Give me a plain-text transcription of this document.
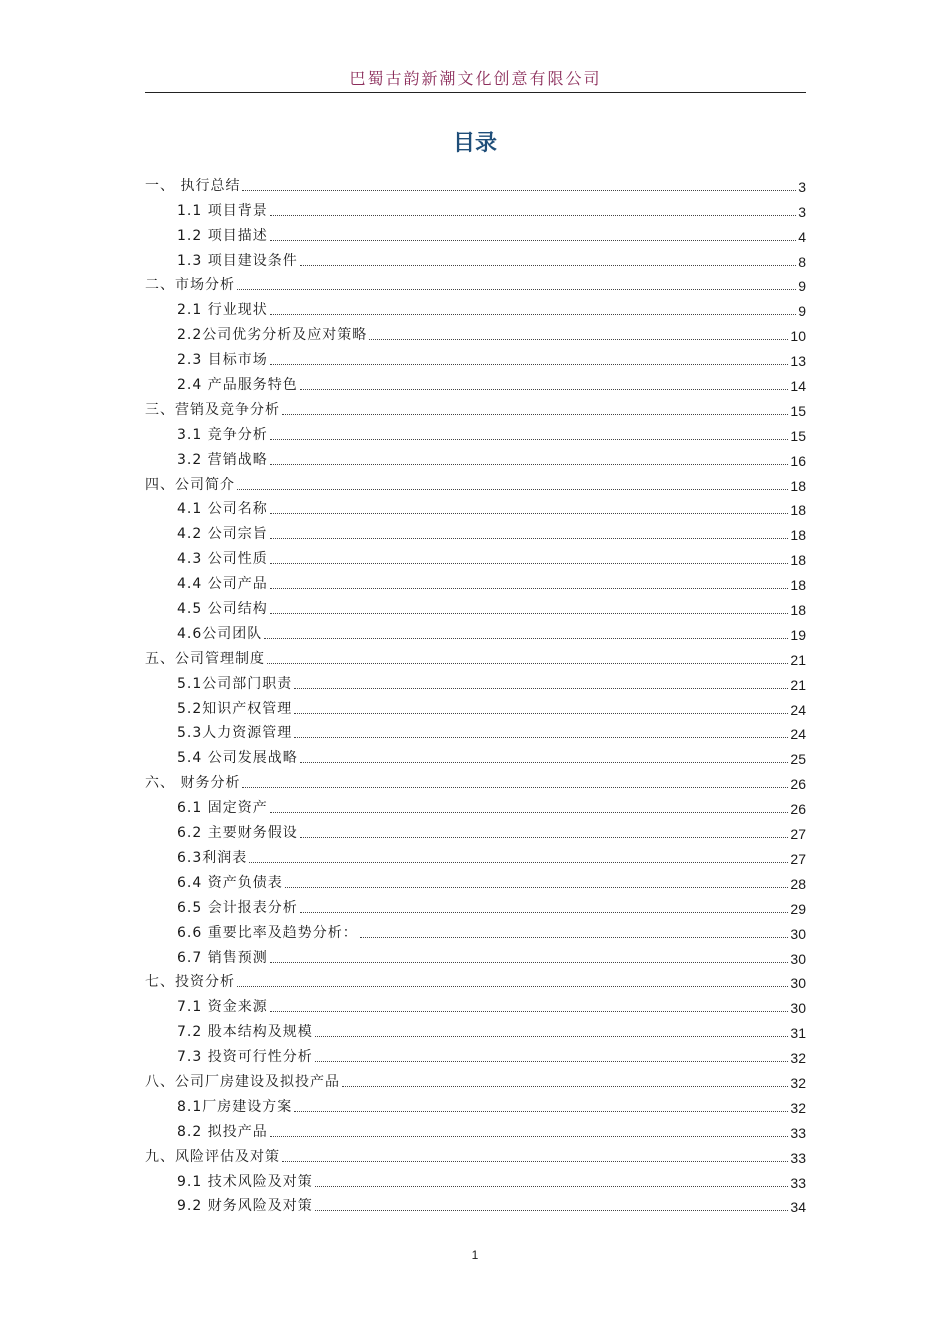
巴蜀古韵新潮文化创意有限公司
目录
一、 执行总结	3
1.1 项目背景	3
1.2 项目描述	4
1.3 项目建设条件	8
二、市场分析	9
2.1 行业现状	9
2.2公司优劣分析及应对策略	10
2.3 目标市场	13
2.4 产品服务特色	14
三、营销及竞争分析	15
3.1 竞争分析	15
3.2 营销战略	16
四、公司简介	18
4.1 公司名称	18
4.2 公司宗旨	18
4.3 公司性质	18
4.4 公司产品	18
4.5 公司结构	18
4.6公司团队	19
五、公司管理制度	21
5.1公司部门职责	21
5.2知识产权管理	24
5.3人力资源管理	24
5.4 公司发展战略	25
六、 财务分析	26
6.1 固定资产	26
6.2 主要财务假设	27
6.3利润表	27
6.4 资产负债表	28
6.5 会计报表分析	29
6.6 重要比率及趋势分析：	30
6.7 销售预测	30
七、投资分析	30
7.1 资金来源	30
7.2 股本结构及规模	31
7.3 投资可行性分析	32
八、公司厂房建设及拟投产品	32
8.1厂房建设方案	32
8.2 拟投产品	33
九、风险评估及对策	33
9.1 技术风险及对策	33
9.2 财务风险及对策	34
1
